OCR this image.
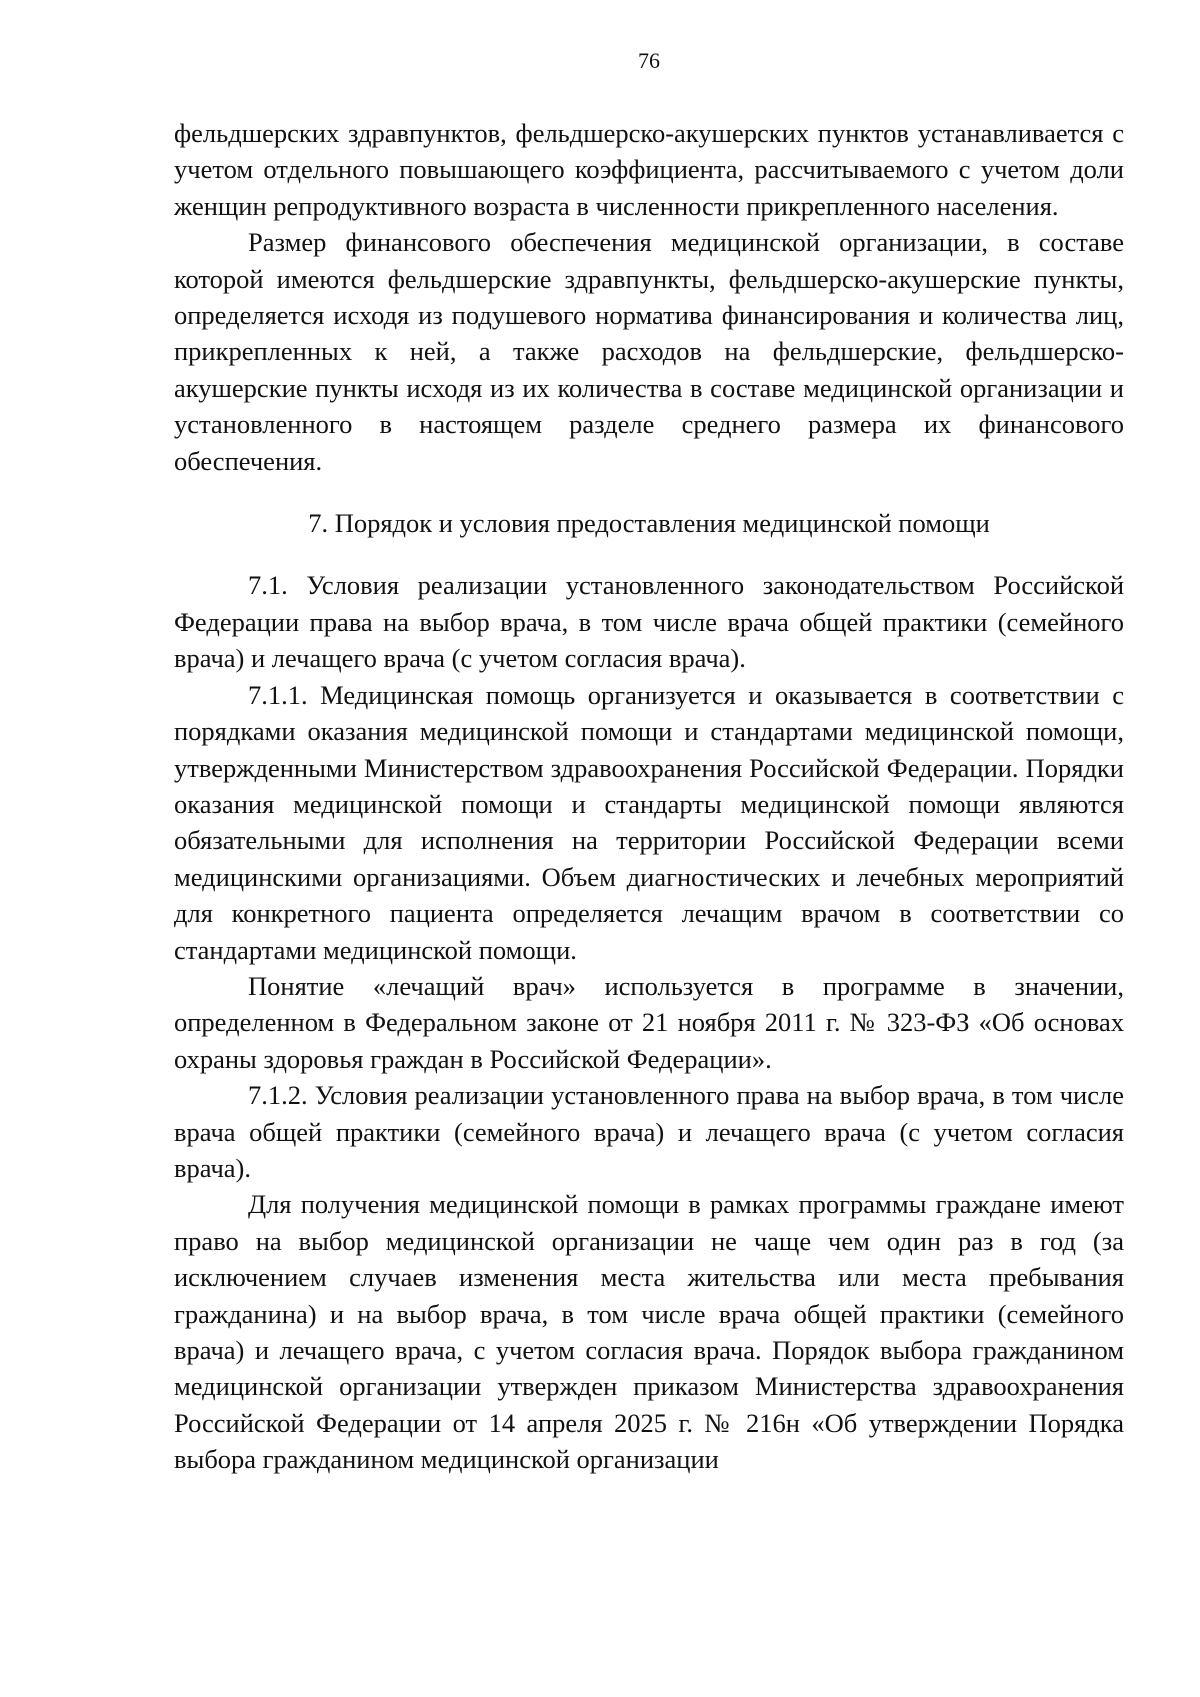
76

фельдшерских здравпунктов, фельдшерско-акушерских пунктов устанавливается с учетом отдельного повышающего коэффициента, рассчитываемого с учетом доли женщин репродуктивного возраста в численности прикрепленного населения.

Размер финансового обеспечения медицинской организации, в составе которой имеются фельдшерские здравпункты, фельдшерско-акушерские пункты, определяется исходя из подушевого норматива финансирования и количества лиц, прикрепленных к ней, а также расходов на фельдшерские, фельдшерско-акушерские пункты исходя из их количества в составе медицинской организации и установленного в настоящем разделе среднего размера их финансового обеспечения.

7. Порядок и условия предоставления медицинской помощи

7.1. Условия реализации установленного законодательством Российской Федерации права на выбор врача, в том числе врача общей практики (семейного врача) и лечащего врача (с учетом согласия врача).

7.1.1. Медицинская помощь организуется и оказывается в соответствии с порядками оказания медицинской помощи и стандартами медицинской помощи, утвержденными Министерством здравоохранения Российской Федерации. Порядки оказания медицинской помощи и стандарты медицинской помощи являются обязательными для исполнения на территории Российской Федерации всеми медицинскими организациями. Объем диагностических и лечебных мероприятий для конкретного пациента определяется лечащим врачом в соответствии со стандартами медицинской помощи.

Понятие «лечащий врач» используется в программе в значении, определенном в Федеральном законе от 21 ноября 2011 г. № 323-ФЗ «Об основах охраны здоровья граждан в Российской Федерации».

7.1.2. Условия реализации установленного права на выбор врача, в том числе врача общей практики (семейного врача) и лечащего врача (с учетом согласия врача).

Для получения медицинской помощи в рамках программы граждане имеют право на выбор медицинской организации не чаще чем один раз в год (за исключением случаев изменения места жительства или места пребывания гражданина) и на выбор врача, в том числе врача общей практики (семейного врача) и лечащего врача, с учетом согласия врача. Порядок выбора гражданином медицинской организации утвержден приказом Министерства здравоохранения Российской Федерации от 14 апреля 2025 г. № 216н «Об утверждении Порядка выбора гражданином медицинской организации
